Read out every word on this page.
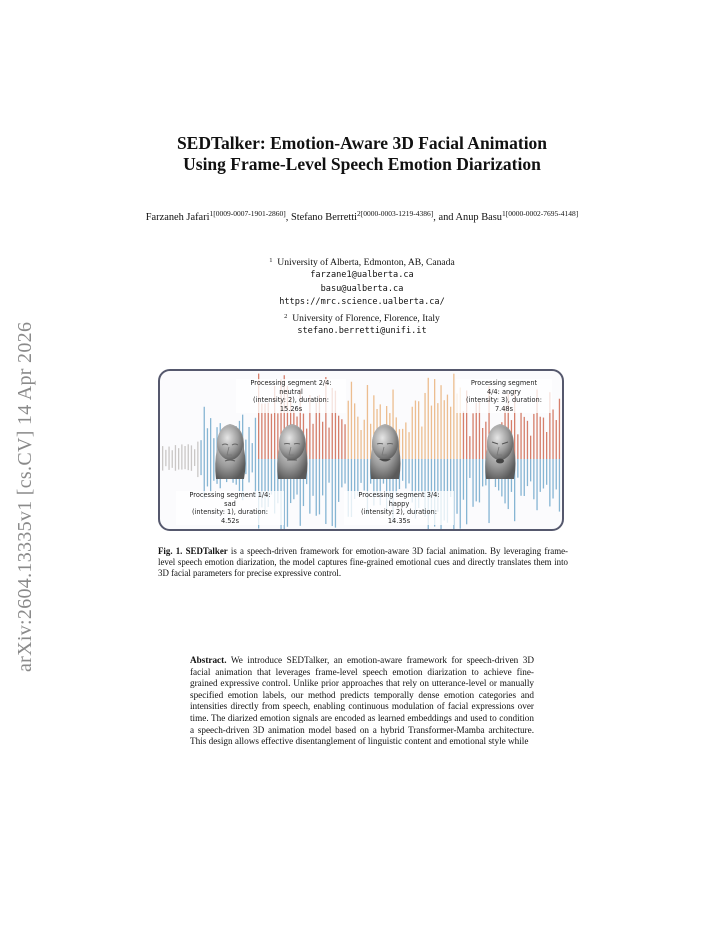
arXiv:2604.13335v1 [cs.CV] 14 Apr 2026
SEDTalker: Emotion-Aware 3D Facial Animation
Using Frame-Level Speech Emotion Diarization
Farzaneh Jafari$^{1[0009-0007-1901-2860]}$, Stefano Berretti$^{2[0000-0003-1219-4386]}$, and Anup Basu$^{1[0000-0002-7695-4148]}$
$^1$ University of Alberta, Edmonton, AB, Canada
farzane1@ualberta.ca
basu@ualberta.ca
https://mrc.science.ualberta.ca/
$^2$ University of Florence, Florence, Italy
stefano.berretti@unifi.it
Processing segment 2/4:
neutral
(intensity: 2), duration:
15.26s
Processing segment
4/4: angry
(intensity: 3), duration:
7.48s
Processing segment 1/4:
sad
(intensity: 1), duration:
4.52s
Processing segment 3/4:
happy
(intensity: 2), duration:
14.35s
Fig. 1. SEDTalker is a speech-driven framework for emotion-aware 3D facial animation. By leveraging frame-level speech emotion diarization, the model captures fine-grained emotional cues and directly translates them into 3D facial parameters for precise expressive control.
Abstract. We introduce SEDTalker, an emotion-aware framework for speech-driven 3D facial animation that leverages frame-level speech emotion diarization to achieve fine-grained expressive control. Unlike prior approaches that rely on utterance-level or manually specified emotion labels, our method predicts temporally dense emotion categories and intensities directly from speech, enabling continuous modulation of facial expressions over time. The diarized emotion signals are encoded as learned embeddings and used to condition a speech-driven 3D animation model based on a hybrid Transformer-Mamba architecture. This design allows effective disentanglement of linguistic content and emotional style while
